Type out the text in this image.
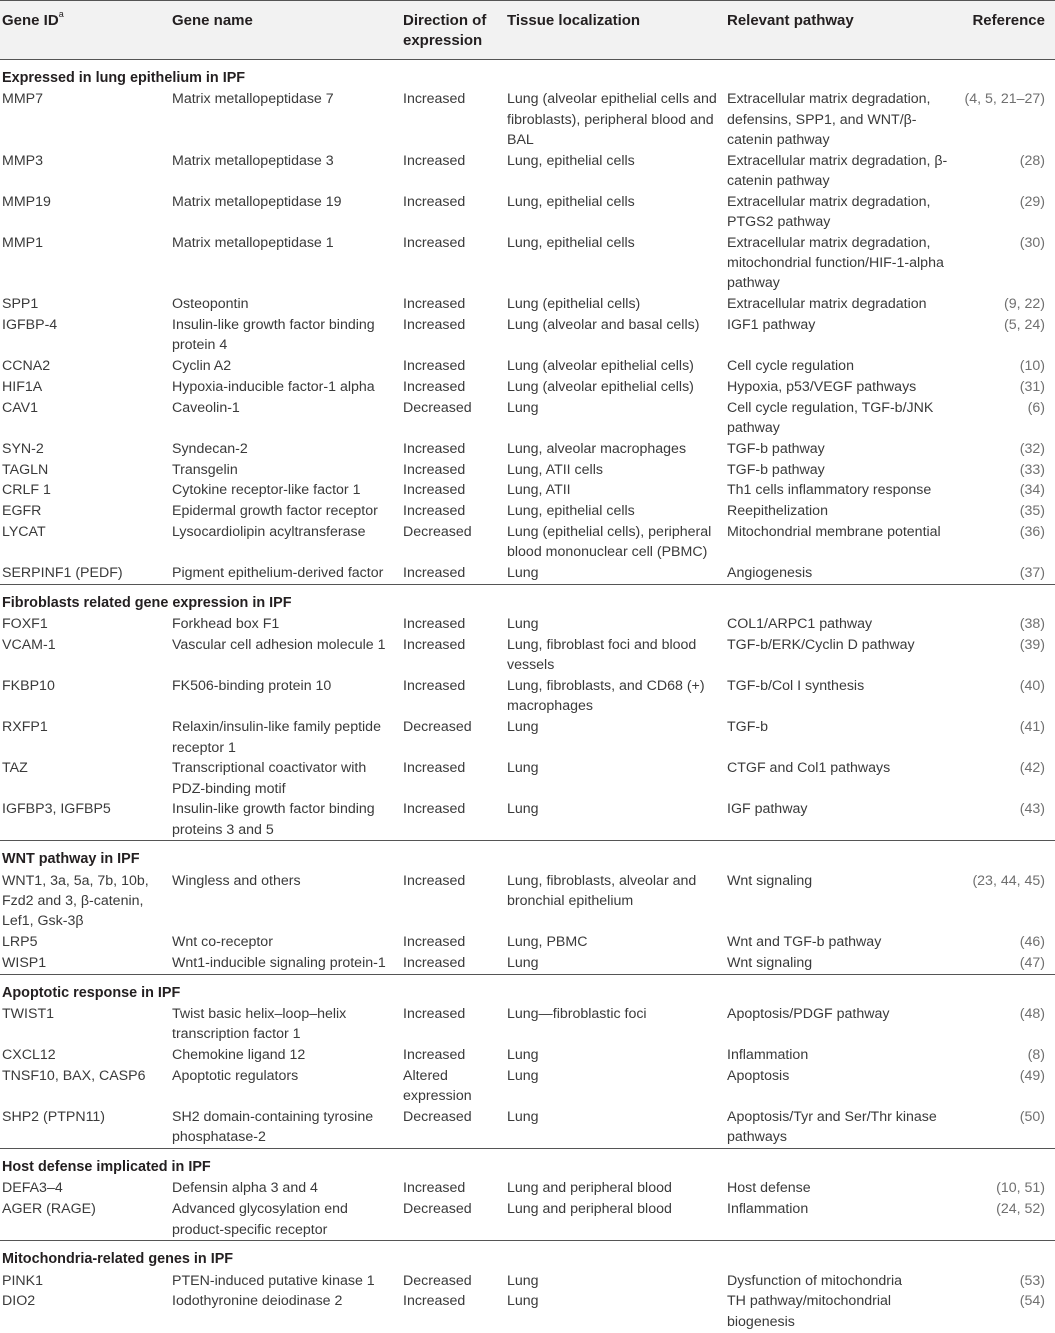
Gene $ID^a$	Gene name	Direction of expression	Tissue localization	Relevant pathway	Reference
Expressed in lung epithelium in IPF					
MMP7	Matrix metallopeptidase 7	Increased	Lung (alveolar epithelial cells and fibroblasts), peripheral blood and BAL	Extracellular matrix degradation, defensins, SPP1, and WNT/β-catenin pathway	(4, 5, 21–27)
MMP3	Matrix metallopeptidase 3	Increased	Lung, epithelial cells	Extracellular matrix degradation, β-catenin pathway	(28)
MMP19	Matrix metallopeptidase 19	Increased	Lung, epithelial cells	Extracellular matrix degradation, PTGS2 pathway	(29)
MMP1	Matrix metallopeptidase 1	Increased	Lung, epithelial cells	Extracellular matrix degradation, mitochondrial function/HIF-1-alpha pathway	(30)
SPP1	Osteopontin	Increased	Lung (epithelial cells)	Extracellular matrix degradation	(9, 22)
IGFBP-4	Insulin-like growth factor binding protein 4	Increased	Lung (alveolar and basal cells)	IGF1 pathway	(5, 24)
CCNA2	Cyclin A2	Increased	Lung (alveolar epithelial cells)	Cell cycle regulation	(10)
HIF1A	Hypoxia-inducible factor-1 alpha	Increased	Lung (alveolar epithelial cells)	Hypoxia, p53/VEGF pathways	(31)
CAV1	Caveolin-1	Decreased	Lung	Cell cycle regulation, TGF-b/JNK pathway	(6)
SYN-2	Syndecan-2	Increased	Lung, alveolar macrophages	TGF-b pathway	(32)
TAGLN	Transgelin	Increased	Lung, ATII cells	TGF-b pathway	(33)
CRLF 1	Cytokine receptor-like factor 1	Increased	Lung, ATII	Th1 cells inflammatory response	(34)
EGFR	Epidermal growth factor receptor	Increased	Lung, epithelial cells	Reepithelization	(35)
LYCAT	Lysocardiolipin acyltransferase	Decreased	Lung (epithelial cells), peripheral blood mononuclear cell (PBMC)	Mitochondrial membrane potential	(36)
SERPINF1 (PEDF)	Pigment epithelium-derived factor	Increased	Lung	Angiogenesis	(37)
Fibroblasts related gene expression in IPF					
FOXF1	Forkhead box F1	Increased	Lung	COL1/ARPC1 pathway	(38)
VCAM-1	Vascular cell adhesion molecule 1	Increased	Lung, fibroblast foci and blood vessels	TGF-b/ERK/Cyclin D pathway	(39)
FKBP10	FK506-binding protein 10	Increased	Lung, fibroblasts, and CD68 (+) macrophages	TGF-b/Col I synthesis	(40)
RXFP1	Relaxin/insulin-like family peptide receptor 1	Decreased	Lung	TGF-b	(41)
TAZ	Transcriptional coactivator with PDZ-binding motif	Increased	Lung	CTGF and Col1 pathways	(42)
IGFBP3, IGFBP5	Insulin-like growth factor binding proteins 3 and 5	Increased	Lung	IGF pathway	(43)
WNT pathway in IPF					
WNT1, 3a, 5a, 7b, 10b, Fzd2 and 3, β-catenin, Lef1, Gsk-3β	Wingless and others	Increased	Lung, fibroblasts, alveolar and bronchial epithelium	Wnt signaling	(23, 44, 45)
LRP5	Wnt co-receptor	Increased	Lung, PBMC	Wnt and TGF-b pathway	(46)
WISP1	Wnt1-inducible signaling protein-1	Increased	Lung	Wnt signaling	(47)
Apoptotic response in IPF					
TWIST1	Twist basic helix–loop–helix transcription factor 1	Increased	Lung—fibroblastic foci	Apoptosis/PDGF pathway	(48)
CXCL12	Chemokine ligand 12	Increased	Lung	Inflammation	(8)
TNSF10, BAX, CASP6	Apoptotic regulators	Altered expression	Lung	Apoptosis	(49)
SHP2 (PTPN11)	SH2 domain-containing tyrosine phosphatase-2	Decreased	Lung	Apoptosis/Tyr and Ser/Thr kinase pathways	(50)
Host defense implicated in IPF					
DEFA3–4	Defensin alpha 3 and 4	Increased	Lung and peripheral blood	Host defense	(10, 51)
AGER (RAGE)	Advanced glycosylation end product-specific receptor	Decreased	Lung and peripheral blood	Inflammation	(24, 52)
Mitochondria-related genes in IPF					
PINK1	PTEN-induced putative kinase 1	Decreased	Lung	Dysfunction of mitochondria	(53)
DIO2	Iodothyronine deiodinase 2	Increased	Lung	TH pathway/mitochondrial biogenesis	(54)
